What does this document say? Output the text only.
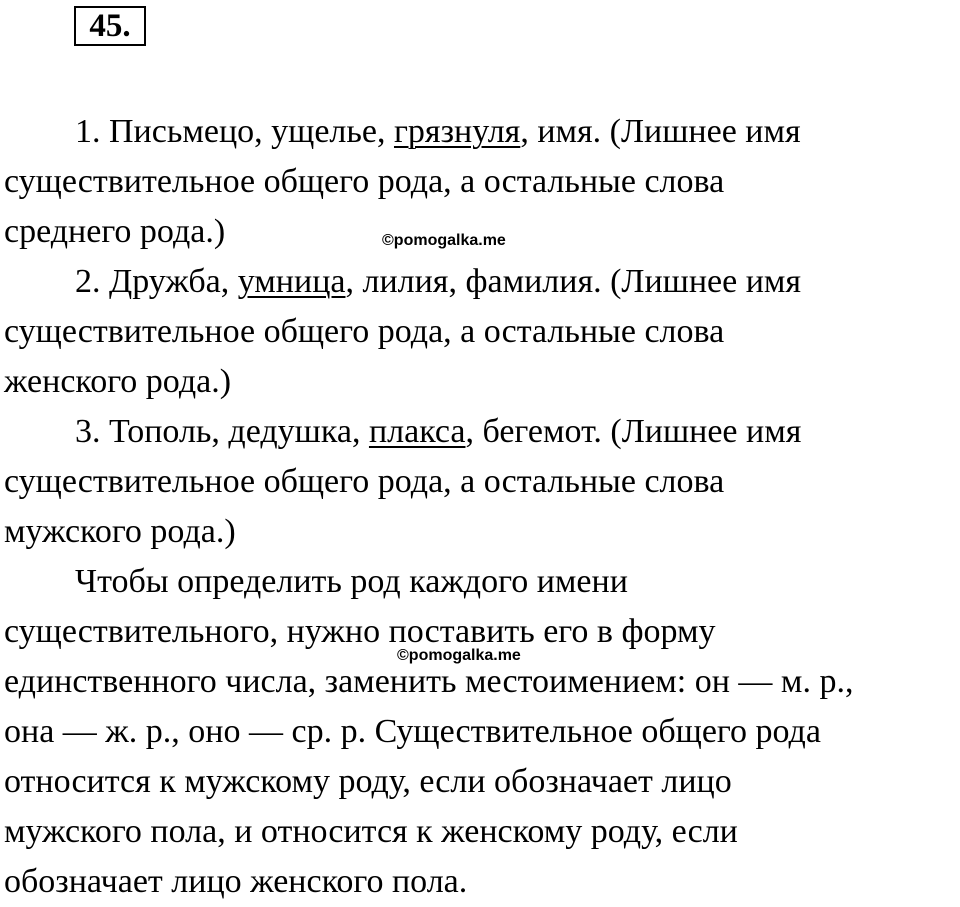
45.
1. Письмецо, ущелье, грязнуля, имя. (Лишнее имя
существительное общего рода, а остальные слова
среднего рода.)
2. Дружба, умница, лилия, фамилия. (Лишнее имя
существительное общего рода, а остальные слова
женского рода.)
3. Тополь, дедушка, плакса, бегемот. (Лишнее имя
существительное общего рода, а остальные слова
мужского рода.)
Чтобы определить род каждого имени
существительного, нужно поставить его в форму
единственного числа, заменить местоимением: он — м. р.,
она — ж. р., оно — ср. р. Существительное общего рода
относится к мужскому роду, если обозначает лицо
мужского пола, и относится к женскому роду, если
обозначает лицо женского пола.
©pomogalka.me
©pomogalka.me
